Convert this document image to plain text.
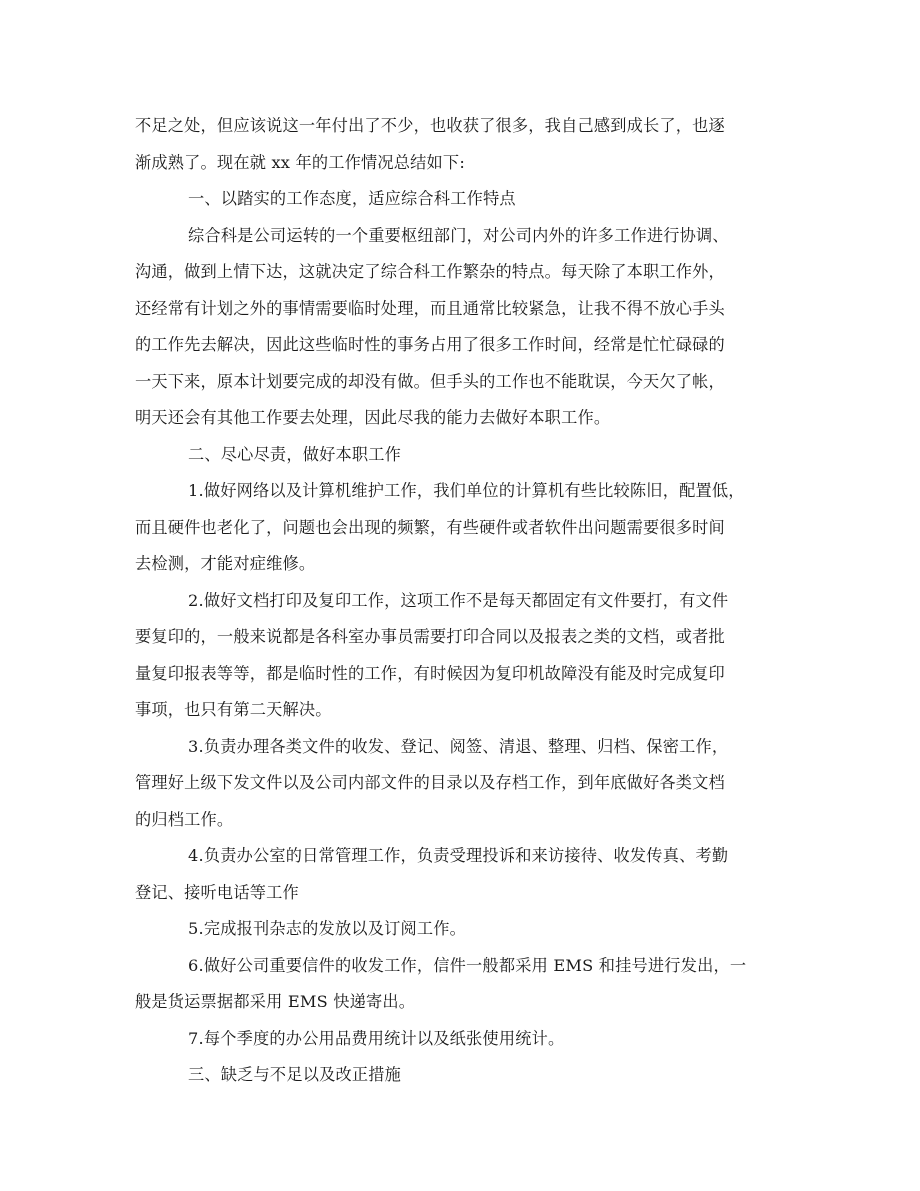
不足之处，但应该说这一年付出了不少，也收获了很多，我自己感到成长了，也逐
渐成熟了。现在就 xx 年的工作情况总结如下:

一、以踏实的工作态度，适应综合科工作特点

综合科是公司运转的一个重要枢纽部门，对公司内外的许多工作进行协调、
沟通，做到上情下达，这就决定了综合科工作繁杂的特点。每天除了本职工作外，
还经常有计划之外的事情需要临时处理，而且通常比较紧急，让我不得不放心手头
的工作先去解决，因此这些临时性的事务占用了很多工作时间，经常是忙忙碌碌的
一天下来，原本计划要完成的却没有做。但手头的工作也不能耽误，今天欠了帐，
明天还会有其他工作要去处理，因此尽我的能力去做好本职工作。

二、尽心尽责，做好本职工作

1.做好网络以及计算机维护工作，我们单位的计算机有些比较陈旧，配置低，
而且硬件也老化了，问题也会出现的频繁，有些硬件或者软件出问题需要很多时间
去检测，才能对症维修。

2.做好文档打印及复印工作，这项工作不是每天都固定有文件要打，有文件
要复印的，一般来说都是各科室办事员需要打印合同以及报表之类的文档，或者批
量复印报表等等，都是临时性的工作，有时候因为复印机故障没有能及时完成复印
事项，也只有第二天解决。

3.负责办理各类文件的收发、登记、阅签、清退、整理、归档、保密工作，
管理好上级下发文件以及公司内部文件的目录以及存档工作，到年底做好各类文档
的归档工作。

4.负责办公室的日常管理工作，负责受理投诉和来访接待、收发传真、考勤
登记、接听电话等工作

5.完成报刊杂志的发放以及订阅工作。

6.做好公司重要信件的收发工作，信件一般都采用 EMS 和挂号进行发出，一
般是货运票据都采用 EMS 快递寄出。

7.每个季度的办公用品费用统计以及纸张使用统计。

三、缺乏与不足以及改正措施
